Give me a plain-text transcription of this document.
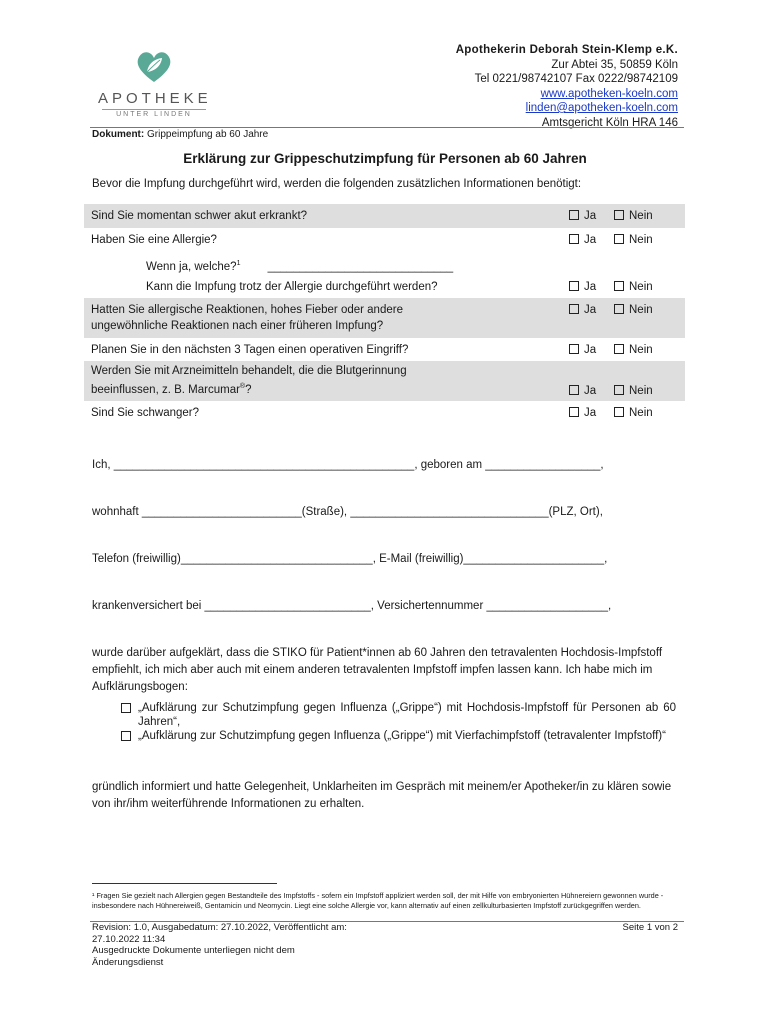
APOTHEKE
UNTER LINDEN
Apothekerin Deborah Stein-Klemp e.K.
Zur Abtei 35, 50859 Köln
Tel 0221/98742107 Fax 0222/98742109
www.apotheken-koeln.com
linden@apotheken-koeln.com
Amtsgericht Köln HRA 146
Dokument: Grippeimpfung ab 60 Jahre
Erklärung zur Grippeschutzimpfung für Personen ab 60 Jahren
Bevor die Impfung durchgeführt wird, werden die folgenden zusätzlichen Informationen benötigt:
Sind Sie momentan schwer akut erkrankt?	Ja	Nein
Haben Sie eine Allergie?	Ja	Nein
Wenn ja, welche?$^1$ _____________________________
Kann die Impfung trotz der Allergie durchgeführt werden?	Ja	Nein
Hatten Sie allergische Reaktionen, hohes Fieber oder andere
ungewöhnliche Reaktionen nach einer früheren Impfung?
Ja	Nein
Planen Sie in den nächsten 3 Tagen einen operativen Eingriff?	Ja	Nein
Werden Sie mit Arzneimitteln behandelt, die die Blutgerinnung
beeinflussen, z. B. Marcumar®?	Ja	Nein
Sind Sie schwanger?	Ja	Nein
Ich, _______________________________________________, geboren am __________________,
wohnhaft _________________________(Straße), _______________________________(PLZ, Ort),
Telefon (freiwillig)______________________________, E-Mail (freiwillig)______________________,
krankenversichert bei __________________________, Versichertennummer ___________________,
wurde darüber aufgeklärt, dass die STIKO für Patient*innen ab 60 Jahren den tetravalenten Hochdosis-Impfstoff empfiehlt, ich mich aber auch mit einem anderen tetravalenten Impfstoff impfen lassen kann. Ich habe mich im Aufklärungsbogen:
„Aufklärung zur Schutzimpfung gegen Influenza („Grippe“) mit Hochdosis-Impfstoff für Personen ab 60 Jahren“,
„Aufklärung zur Schutzimpfung gegen Influenza („Grippe“) mit Vierfachimpfstoff (tetravalenter Impfstoff)“
gründlich informiert und hatte Gelegenheit, Unklarheiten im Gespräch mit meinem/er Apotheker/in zu klären sowie von ihr/ihm weiterführende Informationen zu erhalten.
¹ Fragen Sie gezielt nach Allergien gegen Bestandteile des Impfstoffs - sofern ein Impfstoff appliziert werden soll, der mit Hilfe von embryonierten Hühnereiern gewonnen wurde - insbesondere nach Hühnereiweiß, Gentamicin und Neomycin. Liegt eine solche Allergie vor, kann alternativ auf einen zellkulturbasierten Impfstoff zurückgegriffen werden.
Revision: 1.0, Ausgabedatum: 27.10.2022, Veröffentlicht am:
27.10.2022 11:34
Ausgedruckte Dokumente unterliegen nicht dem
Änderungsdienst
Seite 1 von 2
